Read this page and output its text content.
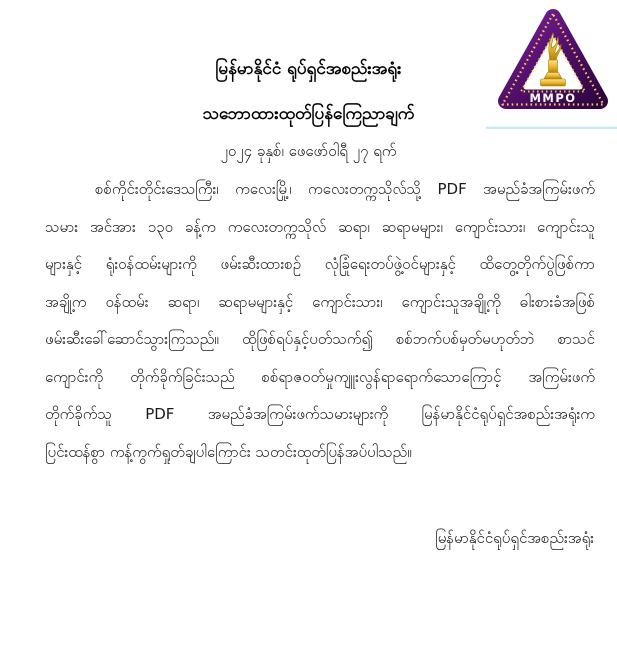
MMPO
မြန်မာနိုင်ငံ ရုပ်ရှင်အစည်းအရုံး
သဘောထားထုတ်ပြန်ကြေညာချက်
၂၀၂၄ ခုနှစ်၊ ဖေဖော်ဝါရီ ၂၇ ရက်
စစ်ကိုင်းတိုင်းဒေသကြီး၊ ကလေးမြို့၊ ကလေးတက္ကသိုလ်သို့ PDF အမည်ခံအကြမ်းဖက်
သမား အင်အား ၁၃၀ ခန့်က ကလေးတက္ကသိုလ် ဆရာ၊ ဆရာမများ၊ ကျောင်းသား၊ ကျောင်းသူ
များနှင့် ရုံးဝန်ထမ်းများကို ဖမ်းဆီးထားစဉ် လုံခြုံရေးတပ်ဖွဲ့ဝင်များနှင့် ထိတွေ့တိုက်ပွဲဖြစ်ကာ
အချို့က ဝန်ထမ်း ဆရာ၊ ဆရာမများနှင့် ကျောင်းသား၊ ကျောင်းသူအချို့ကို ဓါးစားခံအဖြစ်
ဖမ်းဆီးခေါ်ဆောင်သွားကြသည်။ ထိုဖြစ်ရပ်နှင့်ပတ်သက်၍ စစ်ဘက်ပစ်မှတ်မဟုတ်ဘဲ စာသင်
ကျောင်းကို တိုက်ခိုက်ခြင်းသည် စစ်ရာဇဝတ်မှုကျူးလွန်ရာရောက်သောကြောင့် အကြမ်းဖက်
တိုက်ခိုက်သူ PDF အမည်ခံအကြမ်းဖက်သမားများကို မြန်မာနိုင်ငံရုပ်ရှင်အစည်းအရုံးက
ပြင်းထန်စွာ ကန့်ကွက်ရှုတ်ချပါကြောင်း သတင်းထုတ်ပြန်အပ်ပါသည်။
မြန်မာနိုင်ငံရုပ်ရှင်အစည်းအရုံး
